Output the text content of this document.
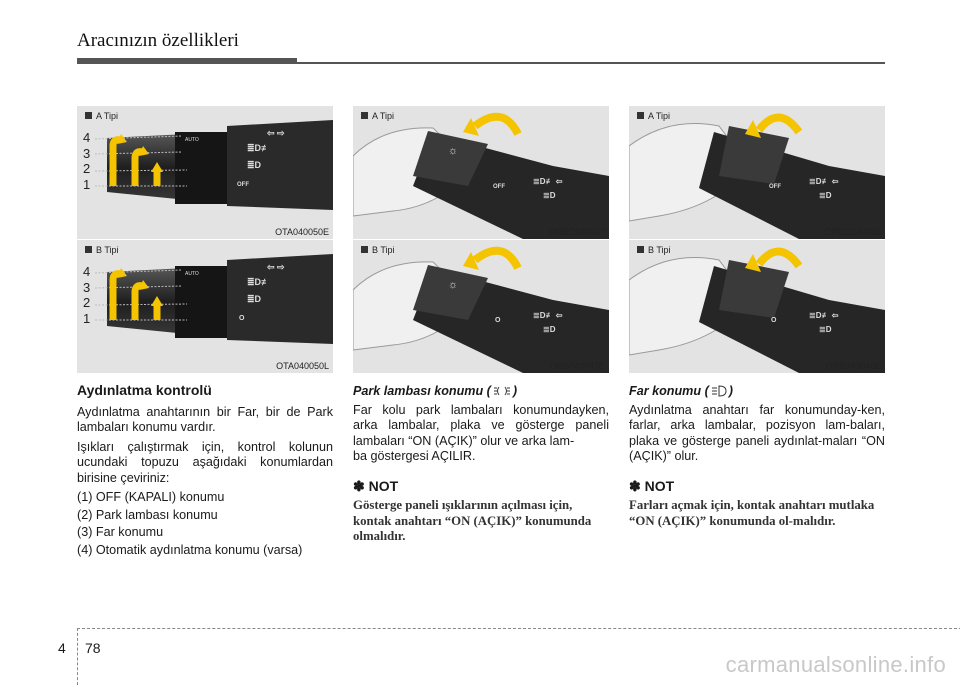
Aracınızın özellikleri
≣D≢
≣D
⇦ ⇨
OFF
AUTO
A Tipi
4
3
2
1
OTA040050E
≣D≢
≣D
⇦ ⇨
O
AUTO
B Tipi
4
3
2
1
OTA040050L
☼
≣D≢ ⇦
≣D
OFF
A Tipi
ORBC040047
☼
≣D≢ ⇦
≣D
O
B Tipi
ORB040047E
≣D≢ ⇦
≣D
OFF
A Tipi
ORBC040048
≣D≢ ⇦
≣D
O
B Tipi
ORB040048E
Aydınlatma kontrolü

Aydınlatma anahtarının bir Far, bir de Park lambaları konumu vardır.

Işıkları çalıştırmak için, kontrol kolunun ucundaki topuzu aşağıdaki konumlardan birisine çeviriniz:

(1) OFF (KAPALI) konumu

(2) Park lambası konumu

(3) Far konumu

(4) Otomatik aydınlatma konumu (varsa)

Park lambası konumu ( )

Far kolu park lambaları konumundayken, arka lambalar, plaka ve gösterge paneli lambaları “ON (AÇIK)” olur ve arka lam-

ba göstergesi AÇILIR.

✽ NOT
Gösterge paneli ışıklarının açılması için, kontak anahtarı “ON (AÇIK)” konumunda olmalıdır.
Far konumu ( )

Aydınlatma anahtarı far konumunday-ken, farlar, arka lambalar, pozisyon lam-baları, plaka ve gösterge paneli aydınlat-maları “ON (AÇIK)” olur.

✽ NOT
Farları açmak için, kontak anahtarı mutlaka “ON (AÇIK)” konumunda ol-malıdır.
4 78
carmanualsonline.info
